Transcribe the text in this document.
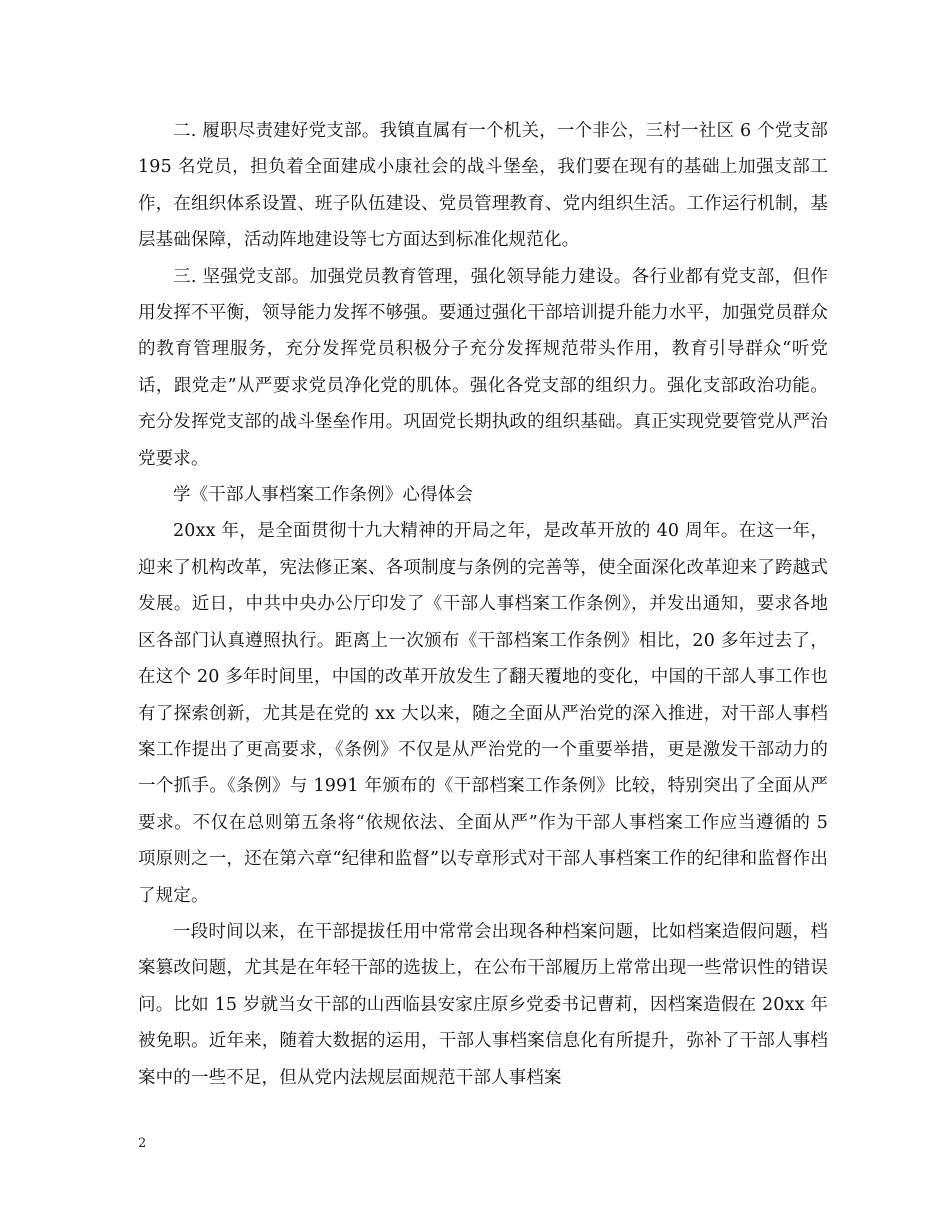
二. 履职尽责建好党支部。我镇直属有一个机关，一个非公，三村一社区 6 个党支部 195 名党员，担负着全面建成小康社会的战斗堡垒，我们要在现有的基础上加强支部工作，在组织体系设置、班子队伍建设、党员管理教育、党内组织生活。工作运行机制，基层基础保障，活动阵地建设等七方面达到标准化规范化。

三. 坚强党支部。加强党员教育管理，强化领导能力建设。各行业都有党支部，但作用发挥不平衡，领导能力发挥不够强。要通过强化干部培训提升能力水平，加强党员群众的教育管理服务，充分发挥党员积极分子充分发挥规范带头作用，教育引导群众“听党话，跟党走”从严要求党员净化党的肌体。强化各党支部的组织力。强化支部政治功能。充分发挥党支部的战斗堡垒作用。巩固党长期执政的组织基础。真正实现党要管党从严治党要求。

学《干部人事档案工作条例》心得体会

20xx 年，是全面贯彻十九大精神的开局之年，是改革开放的 40 周年。在这一年，迎来了机构改革，宪法修正案、各项制度与条例的完善等，使全面深化改革迎来了跨越式发展。近日，中共中央办公厅印发了《干部人事档案工作条例》，并发出通知，要求各地区各部门认真遵照执行。距离上一次颁布《干部档案工作条例》相比，20 多年过去了，在这个 20 多年时间里，中国的改革开放发生了翻天覆地的变化，中国的干部人事工作也有了探索创新，尤其是在党的 xx 大以来，随之全面从严治党的深入推进，对干部人事档案工作提出了更高要求，《条例》不仅是从严治党的一个重要举措，更是激发干部动力的一个抓手。《条例》与 1991 年颁布的《干部档案工作条例》比较，特别突出了全面从严要求。不仅在总则第五条将“依规依法、全面从严”作为干部人事档案工作应当遵循的 5 项原则之一，还在第六章“纪律和监督”以专章形式对干部人事档案工作的纪律和监督作出了规定。

一段时间以来，在干部提拔任用中常常会出现各种档案问题，比如档案造假问题，档案篡改问题，尤其是在年轻干部的选拔上，在公布干部履历上常常出现一些常识性的错误问。比如 15 岁就当女干部的山西临县安家庄原乡党委书记曹莉，因档案造假在 20xx 年被免职。近年来，随着大数据的运用，干部人事档案信息化有所提升，弥补了干部人事档案中的一些不足，但从党内法规层面规范干部人事档案

2
